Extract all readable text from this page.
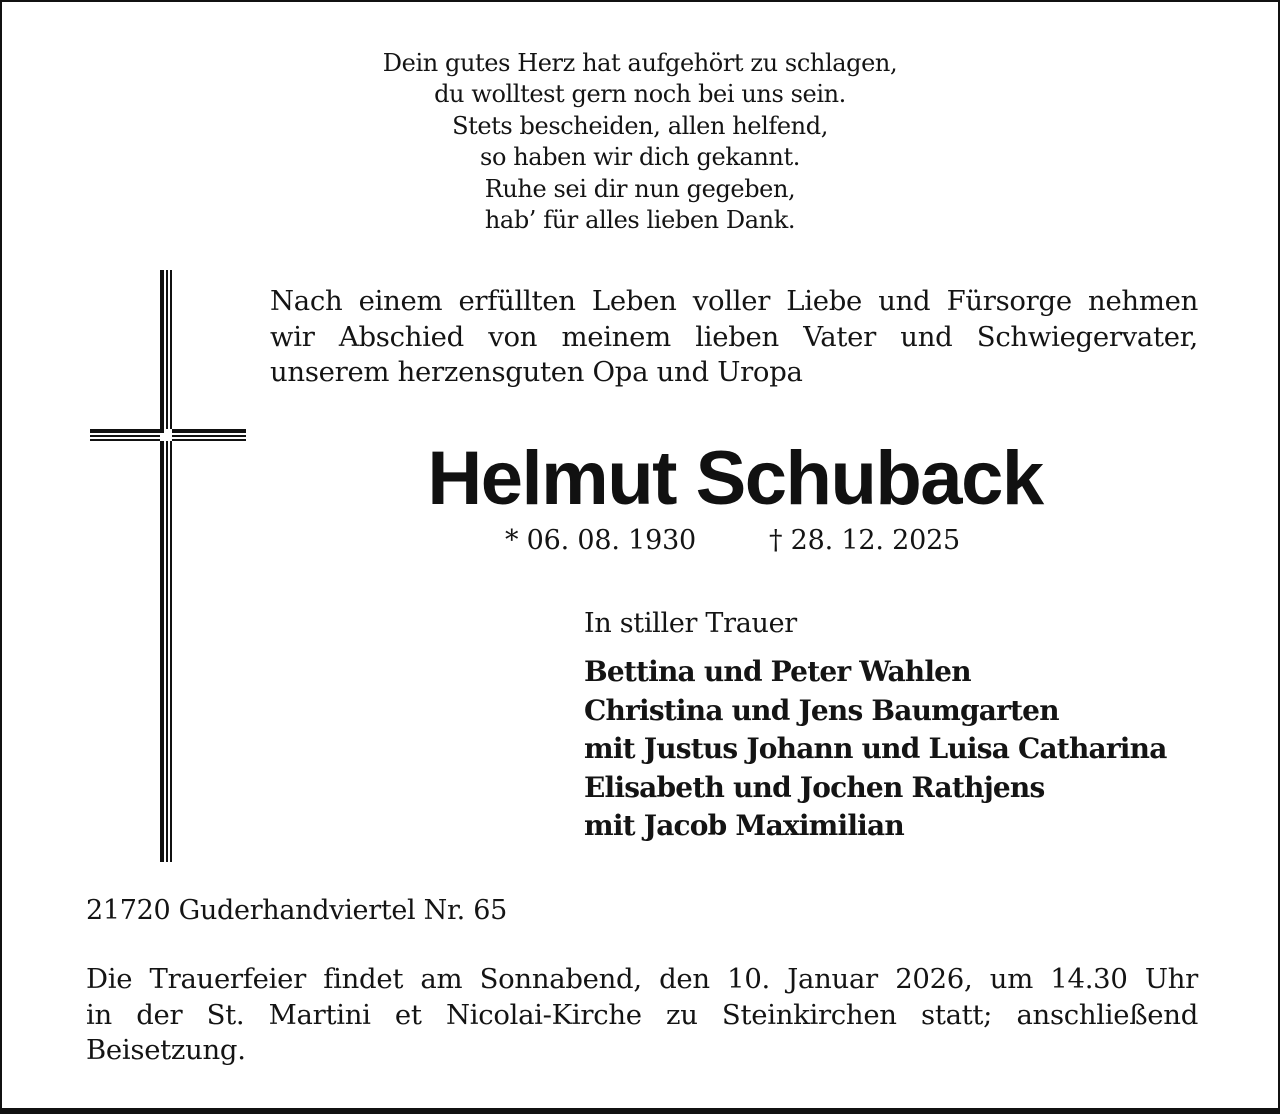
Dein gutes Herz hat aufgehört zu schlagen,
du wolltest gern noch bei uns sein.
Stets bescheiden, allen helfend,
so haben wir dich gekannt.
Ruhe sei dir nun gegeben,
hab’ für alles lieben Dank.
Nach einem erfüllten Leben voller Liebe und Fürsorge nehmen
wir Abschied von meinem lieben Vater und Schwiegervater,
unserem herzensguten Opa und Uropa
Helmut Schuback
* 06. 08. 1930	† 28. 12. 2025
In stiller Trauer
Bettina und Peter Wahlen
Christina und Jens Baumgarten
mit Justus Johann und Luisa Catharina
Elisabeth und Jochen Rathjens
mit Jacob Maximilian
21720 Guderhandviertel Nr. 65
Die Trauerfeier findet am Sonnabend, den 10. Januar 2026, um 14.30 Uhr
in der St. Martini et Nicolai-Kirche zu Steinkirchen statt; anschließend
Beisetzung.
